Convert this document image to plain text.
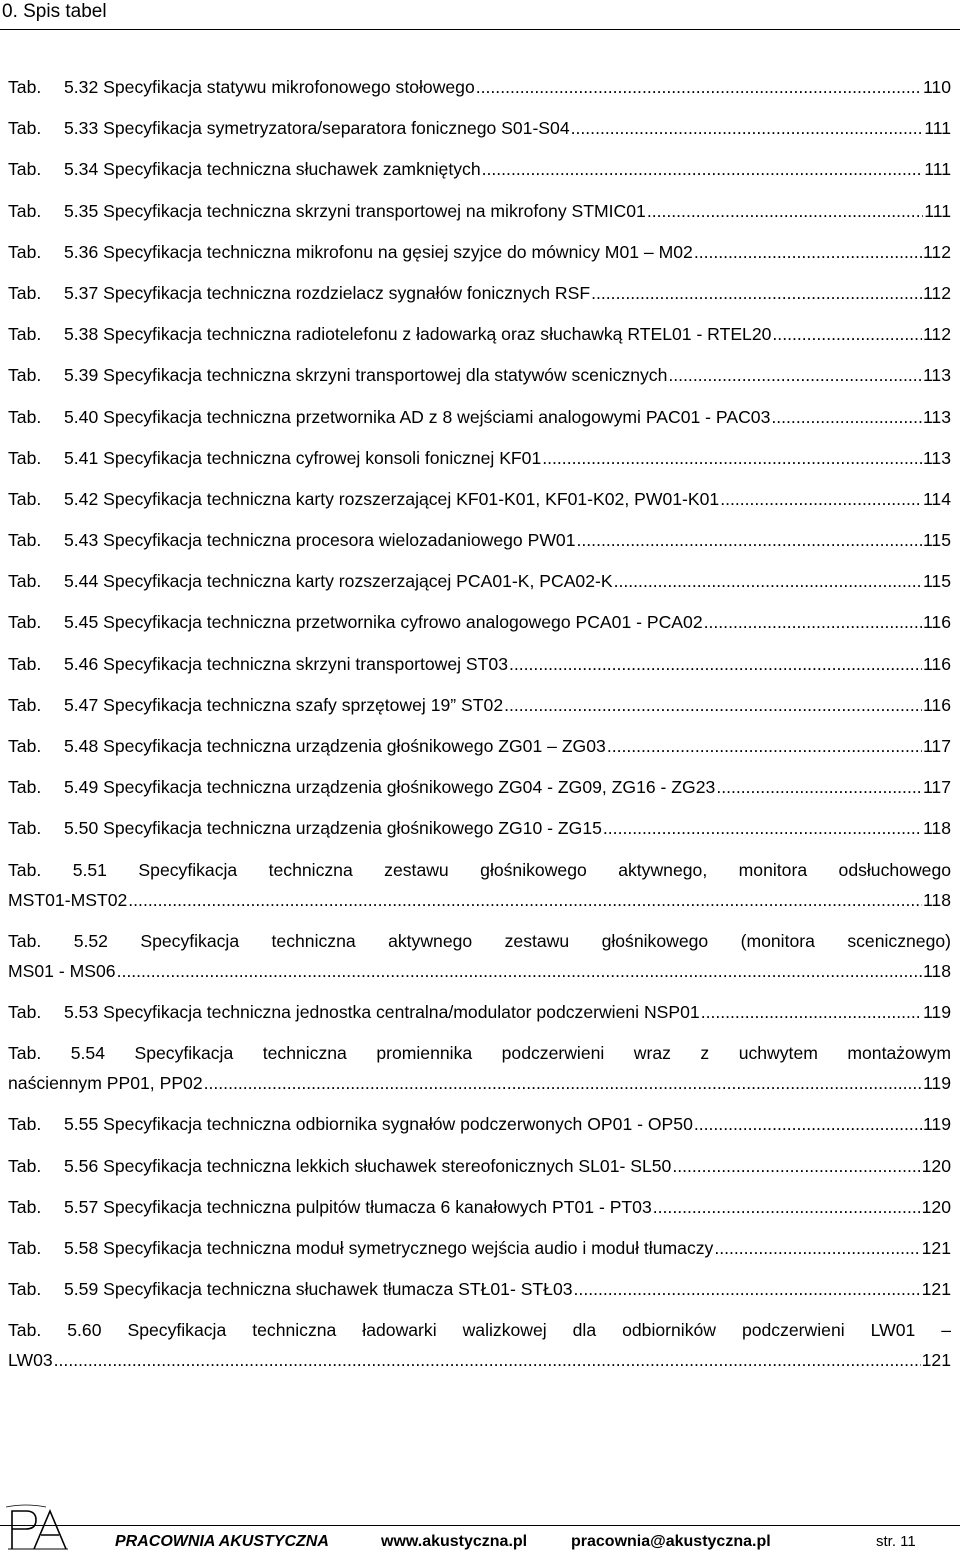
0. Spis tabel
Tab. 5.32 Specyfikacja statywu mikrofonowego stołowego .....	110
Tab. 5.33 Specyfikacja symetryzatora/separatora fonicznego S01-S04 .....	111
Tab. 5.34 Specyfikacja techniczna słuchawek zamkniętych .....	111
Tab. 5.35 Specyfikacja techniczna skrzyni transportowej na mikrofony STMIC01 .....	111
Tab. 5.36 Specyfikacja techniczna mikrofonu na gęsiej szyjce do mównicy M01 – M02 .....	112
Tab. 5.37 Specyfikacja techniczna rozdzielacz sygnałów fonicznych RSF .....	112
Tab. 5.38 Specyfikacja techniczna radiotelefonu z ładowarką oraz słuchawką RTEL01 - RTEL20 .....	112
Tab. 5.39 Specyfikacja techniczna skrzyni transportowej dla statywów scenicznych .....	113
Tab. 5.40 Specyfikacja techniczna przetwornika AD z 8 wejściami analogowymi PAC01 - PAC03 .....	113
Tab. 5.41 Specyfikacja techniczna cyfrowej konsoli fonicznej KF01 .....	113
Tab. 5.42 Specyfikacja techniczna karty rozszerzającej KF01-K01, KF01-K02, PW01-K01 .....	114
Tab. 5.43 Specyfikacja techniczna procesora wielozadaniowego PW01 .....	115
Tab. 5.44 Specyfikacja techniczna karty rozszerzającej PCA01-K, PCA02-K .....	115
Tab. 5.45 Specyfikacja techniczna przetwornika cyfrowo analogowego PCA01 - PCA02 .....	116
Tab. 5.46 Specyfikacja techniczna skrzyni transportowej ST03 .....	116
Tab. 5.47 Specyfikacja techniczna szafy sprzętowej 19” ST02 .....	116
Tab. 5.48 Specyfikacja techniczna urządzenia głośnikowego ZG01 – ZG03 .....	117
Tab. 5.49 Specyfikacja techniczna urządzenia głośnikowego ZG04 - ZG09, ZG16 - ZG23 .....	117
Tab. 5.50 Specyfikacja techniczna urządzenia głośnikowego ZG10 - ZG15 .....	118
Tab. 5.51 Specyfikacja techniczna zestawu głośnikowego aktywnego, monitora odsłuchowego
MST01-MST02 .....	118
Tab. 5.52 Specyfikacja techniczna aktywnego zestawu głośnikowego (monitora scenicznego)
MS01 - MS06 .....	118
Tab. 5.53 Specyfikacja techniczna jednostka centralna/modulator podczerwieni NSP01 .....	119
Tab. 5.54 Specyfikacja techniczna promiennika podczerwieni wraz z uchwytem montażowym
naściennym PP01, PP02 .....	119
Tab. 5.55 Specyfikacja techniczna odbiornika sygnałów podczerwonych OP01 - OP50 .....	119
Tab. 5.56 Specyfikacja techniczna lekkich słuchawek stereofonicznych SL01- SL50 .....	120
Tab. 5.57 Specyfikacja techniczna pulpitów tłumacza 6 kanałowych PT01 - PT03 .....	120
Tab. 5.58 Specyfikacja techniczna moduł symetrycznego wejścia audio i moduł tłumaczy .....	121
Tab. 5.59 Specyfikacja techniczna słuchawek tłumacza STŁ01- STŁ03 .....	121
Tab. 5.60 Specyfikacja techniczna ładowarki walizkowej dla odbiorników podczerwieni LW01 –
LW03 .....	121
PRACOWNIA AKUSTYCZNA	www.akustyczna.pl	pracownia@akustyczna.pl	str. 11
